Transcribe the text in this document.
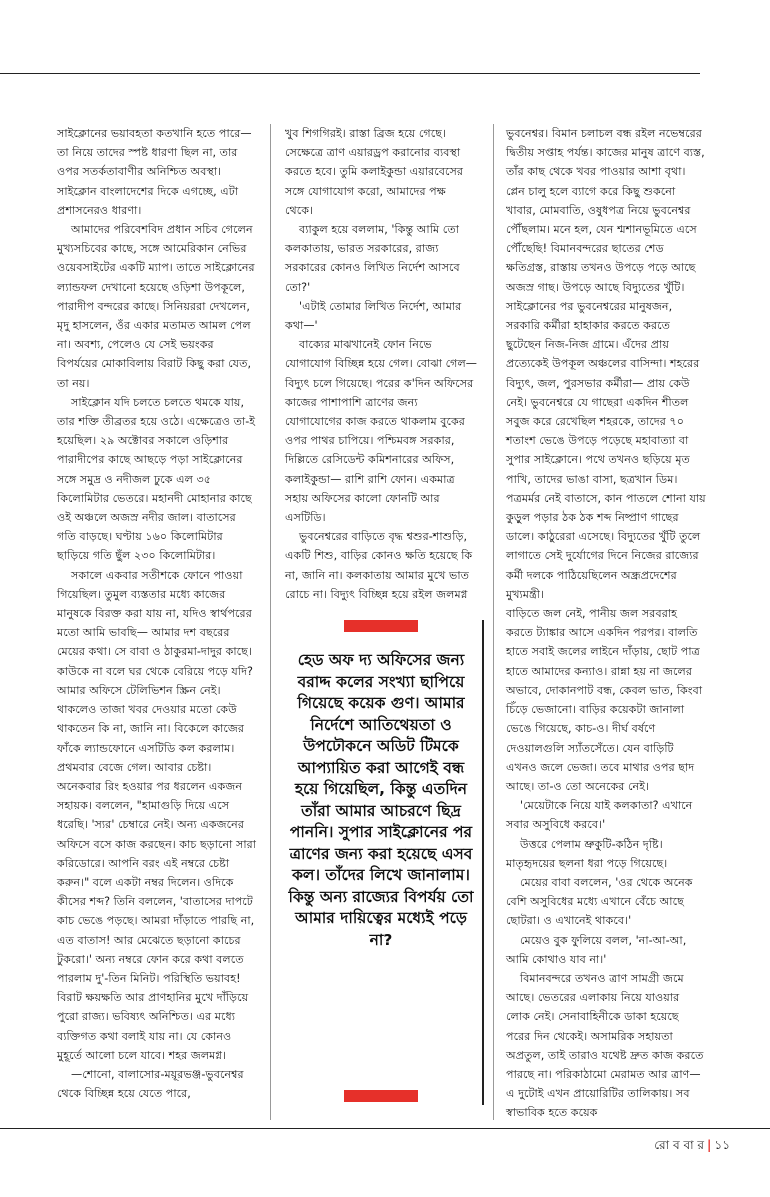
সাইক্লোনের ভয়াবহতা কতখানি হতে পারে— তা নিয়ে তাদের স্পষ্ট ধারণা ছিল না, তার ওপর সতর্কতাবাণীর অনিশ্চিত অবস্থা। সাইক্লোন বাংলাদেশের দিকে এগচ্ছে, এটা প্রশাসনেরও ধারণা।

আমাদের পরিবেশবিদ প্রধান সচিব গেলেন মুখ্যসচিবের কাছে, সঙ্গে আমেরিকান নেভির ওয়েবসাইটের একটি ম্যাপ। তাতে সাইক্লোনের ল্যান্ডফল দেখানো হয়েছে ওড়িশা উপকূলে, পারাদীপ বন্দরের কাছে। সিনিয়ররা দেখলেন, মৃদু হাসলেন, ওঁর একার মতামত আমল পেল না। অবশ্য, পেলেও যে সেই ভয়ংকর বিপর্যয়ের মোকাবিলায় বিরাট কিছু করা যেত, তা নয়।

সাইক্লোন যদি চলতে চলতে থমকে যায়, তার শক্তি তীব্রতর হয়ে ওঠে। এক্ষেত্রেও তা-ই হয়েছিল। ২৯ অক্টোবর সকালে ওড়িশার পারাদীপের কাছে আছড়ে পড়া সাইক্লোনের সঙ্গে সমুদ্র ও নদীজল ঢুকে এল ৩৫ কিলোমিটার ভেতরে। মহানদী মোহানার কাছে ওই অঞ্চলে অজস্র নদীর জাল। বাতাসের গতি বাড়ছে। ঘণ্টায় ১৬০ কিলোমিটার ছাড়িয়ে গতি ছুঁল ২৩০ কিলোমিটার।

সকালে একবার সতীশকে ফোনে পাওয়া গিয়েছিল। তুমুল ব্যস্ততার মধ্যে কাজের মানুষকে বিরক্ত করা যায় না, যদিও স্বার্থপরের মতো আমি ভাবছি— আমার দশ বছরের মেয়ের কথা। সে বাবা ও ঠাকুরমা-দাদুর কাছে। কাউকে না বলে ঘর থেকে বেরিয়ে পড়ে যদি? আমার অফিসে টেলিভিশন স্ক্রিন নেই। থাকলেও তাজা খবর দেওয়ার মতো কেউ থাকতেন কি না, জানি না। বিকেলে কাজের ফাঁকে ল্যান্ডফোনে এসটিডি কল করলাম। প্রথমবার বেজে গেল। আবার চেষ্টা। অনেকবার রিং হওয়ার পর ধরলেন একজন সহায়ক। বললেন, "হামাগুড়ি দিয়ে এসে ধরেছি। 'স্যর' চেম্বারে নেই। অন্য একজনের অফিসে বসে কাজ করছেন। কাচ ছড়ানো সারা করিডোরে। আপনি বরং এই নম্বরে চেষ্টা করুন।" বলে একটা নম্বর দিলেন। ওদিকে কীসের শব্দ? তিনি বললেন, 'বাতাসের দাপটে কাচ ভেঙে পড়ছে। আমরা দাঁড়াতে পারছি না, এত বাতাস! আর মেঝেতে ছড়ানো কাচের টুকরো।' অন্য নম্বরে ফোন করে কথা বলতে পারলাম দু'-তিন মিনিট। পরিস্থিতি ভয়াবহ! বিরাট ক্ষয়ক্ষতি আর প্রাণহানির মুখে দাঁড়িয়ে পুরো রাজ্য। ভবিষ্যৎ অনিশ্চিত। এর মধ্যে ব্যক্তিগত কথা বলাই যায় না। যে কোনও মুহূর্তে আলো চলে যাবে। শহর জলমগ্ন।

—শোনো, বালাসোর-ময়ূরভঞ্জ-ভুবনেশ্বর থেকে বিচ্ছিন্ন হয়ে যেতে পারে,

খুব শিগগিরই। রাস্তা ব্রিজ হয়ে গেছে। সেক্ষেত্রে ত্রাণ এয়ারড্রপ করানোর ব্যবস্থা করতে হবে। তুমি কলাইকুন্ডা এয়ারবেসের সঙ্গে যোগাযোগ করো, আমাদের পক্ষ থেকে।

ব্যাকুল হয়ে বললাম, 'কিন্তু আমি তো কলকাতায়, ভারত সরকারের, রাজ্য সরকারের কোনও লিখিত নির্দেশ আসবে তো?'

'এটাই তোমার লিখিত নির্দেশ, আমার কথা—'

বাক্যের মাঝখানেই ফোন নিভে যোগাযোগ বিচ্ছিন্ন হয়ে গেল। বোঝা গেল— বিদ্যুৎ চলে গিয়েছে। পরের ক'দিন অফিসের কাজের পাশাপাশি ত্রাণের জন্য যোগাযোগের কাজ করতে থাকলাম বুকের ওপর পাথর চাপিয়ে। পশ্চিমবঙ্গ সরকার, দিল্লিতে রেসিডেন্ট কমিশনারের অফিস, কলাইকুন্ডা— রাশি রাশি ফোন। একমাত্র সহায় অফিসের কালো ফোনটি আর এসটিডি।

ভুবনেশ্বরের বাড়িতে বৃদ্ধ শ্বশুর-শাশুড়ি, একটি শিশু, বাড়ির কোনও ক্ষতি হয়েছে কি না, জানি না। কলকাতায় আমার মুখে ভাত রোচে না। বিদ্যুৎ বিচ্ছিন্ন হয়ে রইল জলমগ্ন

হেড অফ দ্য অফিসের জন্য বরাদ্দ কলের সংখ্যা ছাপিয়ে গিয়েছে কয়েক গুণ। আমার নির্দেশে আতিথেয়তা ও উপঢৌকনে অডিট টিমকে আপ্যায়িত করা আগেই বন্ধ হয়ে গিয়েছিল, কিন্তু এতদিন তাঁরা আমার আচরণে ছিদ্র পাননি। সুপার সাইক্লোনের পর ত্রাণের জন্য করা হয়েছে এসব কল। তাঁদের লিখে জানালাম। কিন্তু অন্য রাজ্যের বিপর্যয় তো আমার দায়িত্বের মধ্যেই পড়ে না?

ভুবনেশ্বর। বিমান চলাচল বন্ধ রইল নভেম্বরের দ্বিতীয় সপ্তাহ পর্যন্ত। কাজের মানুষ ত্রাণে ব্যস্ত, তাঁর কাছ থেকে খবর পাওয়ার আশা বৃথা। প্লেন চালু হলে ব্যাগে করে কিছু শুকনো খাবার, মোমবাতি, ওষুধপত্র নিয়ে ভুবনেশ্বর পৌঁছলাম। মনে হল, যেন শ্মশানভূমিতে এসে পৌঁছেছি! বিমানবন্দরের ছাতের শেড ক্ষতিগ্রস্ত, রাস্তায় তখনও উপড়ে পড়ে আছে অজস্র গাছ। উপড়ে আছে বিদ্যুতের খুঁটি। সাইক্লোনের পর ভুবনেশ্বরের মানুষজন, সরকারি কর্মীরা হাহাকার করতে করতে ছুটেছেন নিজ-নিজ গ্রামে। এঁদের প্রায় প্রত্যেকেই উপকূল অঞ্চলের বাসিন্দা। শহরের বিদ্যুৎ, জল, পুরসভার কর্মীরা— প্রায় কেউ নেই। ভুবনেশ্বরে যে গাছেরা একদিন শীতল সবুজ করে রেখেছিল শহরকে, তাদের ৭০ শতাংশ ভেঙে উপড়ে পড়েছে মহাবাত্যা বা সুপার সাইক্লোনে। পথে তখনও ছড়িয়ে মৃত পাখি, তাদের ভাঙা বাসা, ছত্রখান ডিম। পত্রমর্মর নেই বাতাসে, কান পাতলে শোনা যায় কুড়ুল পড়ার ঠক ঠক শব্দ নিষ্প্রাণ গাছের ডালে। কাঠুরেরা এসেছে। বিদ্যুতের খুঁটি তুলে লাগাতে সেই দুর্যোগের দিনে নিজের রাজ্যের কর্মী দলকে পাঠিয়েছিলেন অন্ধ্রপ্রদেশের মুখ্যমন্ত্রী।

বাড়িতে জল নেই, পানীয় জল সরবরাহ করতে ট্যাঙ্কার আসে একদিন পরপর। বালতি হাতে সবাই জলের লাইনে দাঁড়ায়, ছোট পাত্র হাতে আমাদের কন্যাও। রান্না হয় না জলের অভাবে, দোকানপাট বন্ধ, কেবল ভাত, কিংবা চিঁড়ে ভেজানো। বাড়ির কয়েকটা জানালা ভেঙে গিয়েছে, কাচ-ও। দীর্ঘ বর্ষণে দেওয়ালগুলি স্যাঁতসেঁতে। যেন বাড়িটি এখনও জলে ভেজা। তবে মাথার ওপর ছাদ আছে। তা-ও তো অনেকের নেই।

'মেয়েটাকে নিয়ে যাই কলকাতা? এখানে সবার অসুবিধে করবে।'

উত্তরে পেলাম ভ্রুকুটি-কঠিন দৃষ্টি। মাতৃহৃদয়ের ছলনা ধরা পড়ে গিয়েছে।

মেয়ের বাবা বললেন, 'ওর থেকে অনেক বেশি অসুবিধের মধ্যে এখানে বেঁচে আছে ছোটরা। ও এখানেই থাকবে।'

মেয়েও বুক ফুলিয়ে বলল, 'না-আ-আ, আমি কোথাও যাব না।'

বিমানবন্দরে তখনও ত্রাণ সামগ্রী জমে আছে। ভেতরের এলাকায় নিয়ে যাওয়ার লোক নেই। সেনাবাহিনীকে ডাকা হয়েছে পরের দিন থেকেই। অসামরিক সহায়তা অপ্রতুল, তাই তারাও যথেষ্ট দ্রুত কাজ করতে পারছে না। পরিকাঠামো মেরামত আর ত্রাণ— এ দুটোই এখন প্রায়োরিটির তালিকায়। সব স্বাভাবিক হতে কয়েক

রো ব বা র | ১১
